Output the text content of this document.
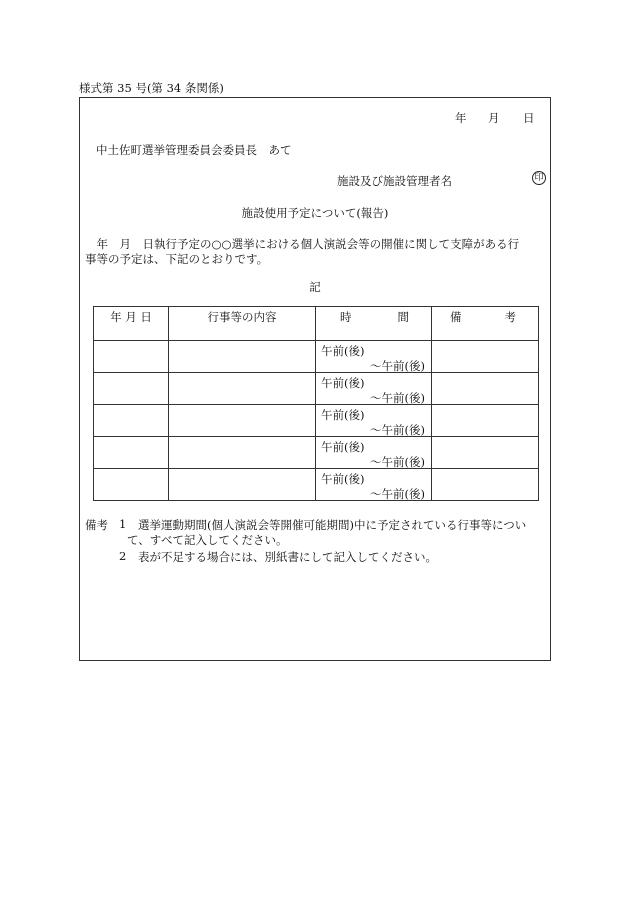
様式第 35 号(第 34 条関係)
年 月 日
中土佐町選挙管理委員会委員長　あて
施設及び施設管理者名	印
施設使用予定について(報告)
　年　月　日執行予定の○○選挙における個人演説会等の開催に関して支障がある行
事等の予定は、下記のとおりです。
記
年 月 日	行事等の内容	時 間	備 考

		午前(後)
～午前(後)	

		午前(後)
～午前(後)	

		午前(後)
～午前(後)	

		午前(後)
～午前(後)	

		午前(後)
～午前(後)	

備考 1 選挙運動期間(個人演説会等開催可能期間)中に予定されている行事等につい
て、すべて記入してください。
2 表が不足する場合には、別紙書にして記入してください。
